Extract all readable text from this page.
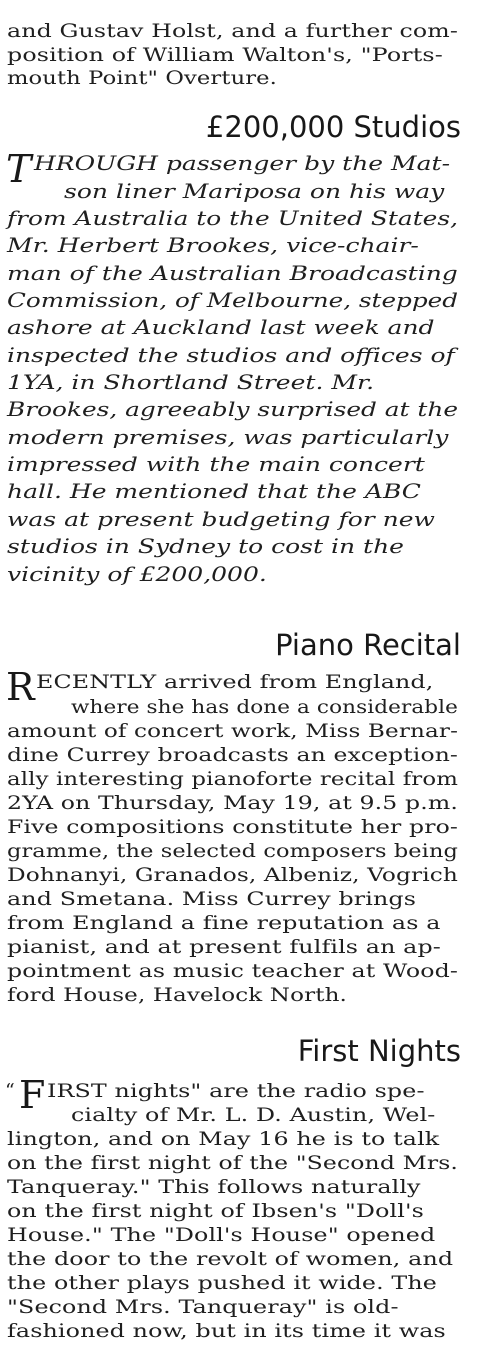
and Gustav Holst, and a further com-

position of William Walton's, "Ports-

mouth Point" Overture.

£200,000 Studios
T HROUGH passenger by the Mat-

son liner Mariposa on his way

from Australia to the United States,

Mr. Herbert Brookes, vice-chair-

man of the Australian Broadcasting

Commission, of Melbourne, stepped

ashore at Auckland last week and

inspected the studios and offices of

1YA, in Shortland Street. Mr.

Brookes, agreeably surprised at the

modern premises, was particularly

impressed with the main concert

hall. He mentioned that the ABC

was at present budgeting for new

studios in Sydney to cost in the

vicinity of £200,000.

Piano Recital
R ECENTLY arrived from England,

where she has done a considerable

amount of concert work, Miss Bernar-

dine Currey broadcasts an exception-

ally interesting pianoforte recital from

2YA on Thursday, May 19, at 9.5 p.m.

Five compositions constitute her pro-

gramme, the selected composers being

Dohnanyi, Granados, Albeniz, Vogrich

and Smetana. Miss Currey brings

from England a fine reputation as a

pianist, and at present fulfils an ap-

pointment as music teacher at Wood-

ford House, Havelock North.

First Nights
“ F IRST nights" are the radio spe-

cialty of Mr. L. D. Austin, Wel-

lington, and on May 16 he is to talk

on the first night of the "Second Mrs.

Tanqueray." This follows naturally

on the first night of Ibsen's "Doll's

House." The "Doll's House" opened

the door to the revolt of women, and

the other plays pushed it wide. The

"Second Mrs. Tanqueray" is old-

fashioned now, but in its time it was
